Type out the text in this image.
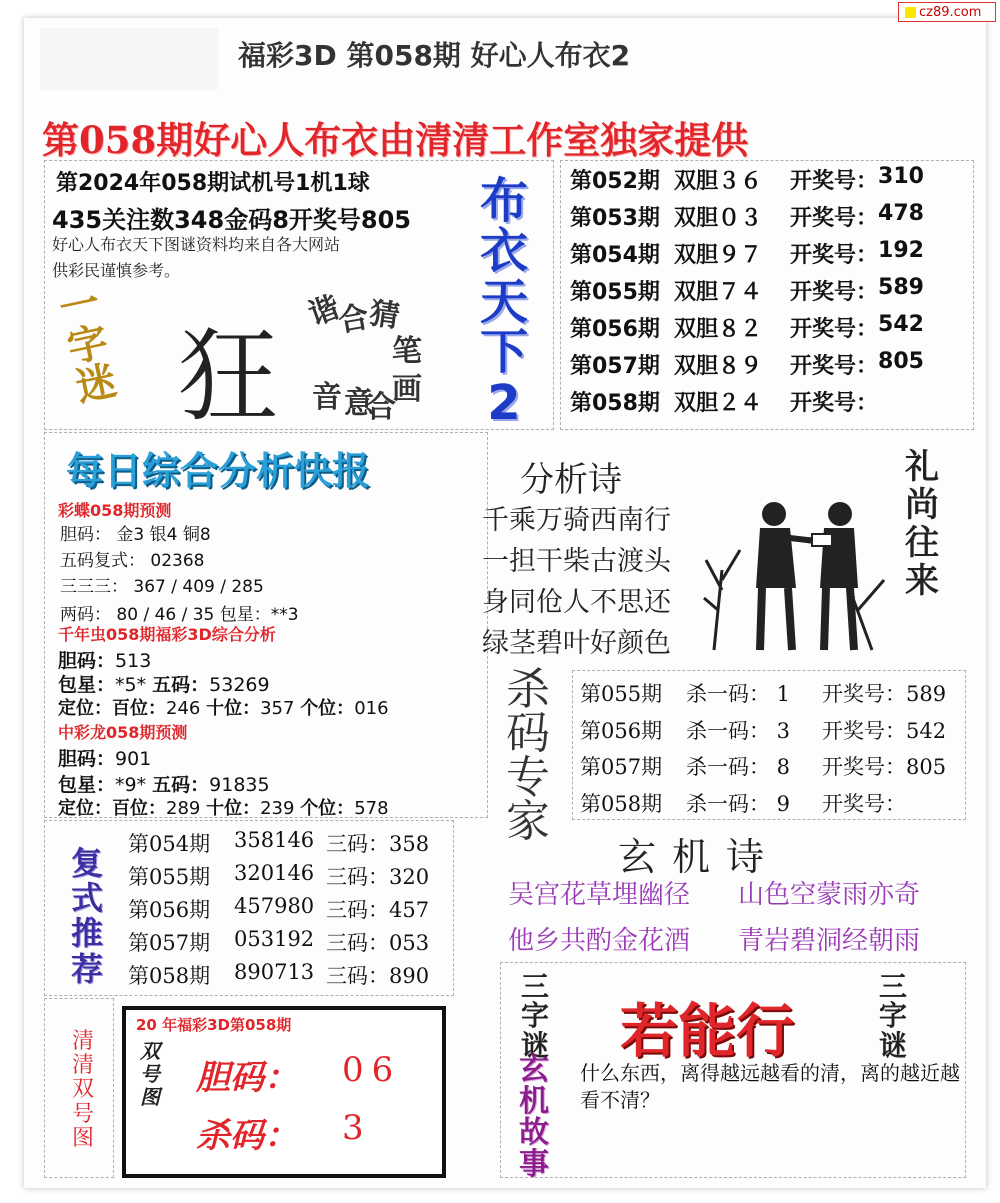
cz89.com
福彩3D 第058期 好心人布衣2
第058期好心人布衣由清清工作室独家提供
第2024年058期试机号1机1球
435关注数348金码8开奖号805
好心人布衣天下图谜资料均来自各大网站
供彩民谨慎参考。
一字迷 狂
谐
合
猜
笔
画
音 意
合
布
衣
天
下
2
第052期 双胆３６	开奖号： 310
第053期 双胆０３	开奖号： 478
第054期 双胆９７	开奖号： 192
第055期 双胆７４	开奖号： 589
第056期 双胆８２	开奖号： 542
第057期 双胆８９	开奖号： 805
第058期 双胆２４	开奖号：
每日综合分析快报
彩蝶058期预测
胆码： 金3 银4 铜8
五码复式： 02368
三三三： 367 / 409 / 285
两码： 80 / 46 / 35 包星：**3
千年虫058期福彩3D综合分析
胆码：513
包星：*5* 五码：53269
定位：百位：246 十位：357 个位：016
中彩龙058期预测
胆码：901
包星：*9* 五码：91835
定位：百位：289 十位：239 个位：578
分析诗
千乘万骑西南行
一担干柴古渡头
身同伧人不思还
绿茎碧叶好颜色
礼
尚
往
来
杀
码
专
家
第055期	杀一码： 1	开奖号：589
第056期	杀一码： 3	开奖号：542
第057期	杀一码： 8	开奖号：805
第058期	杀一码： 9	开奖号：
玄机诗
吴宫花草埋幽径	山色空蒙雨亦奇
他乡共酌金花酒	青岩碧洞经朝雨
复
式
推
荐
第054期	358146 三码：358
第055期	320146 三码：320
第056期	457980 三码：457
第057期	053192 三码：053
第058期	890713 三码：890
清
清
双
号
图
20 年福彩3D第058期
双
号
图 胆码： 06
杀码： 3
三
字
谜
三
字
谜
若能行
玄
机
故
事
什么东西，离得越远越看的清，离的越近越看不清？
